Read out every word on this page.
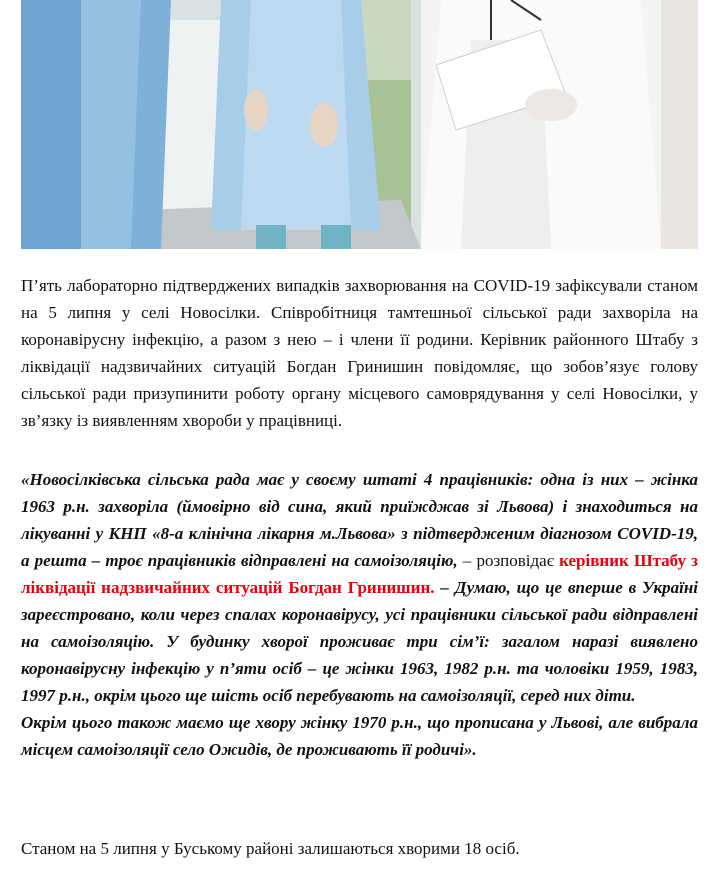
П’ять лабораторно підтверджених випадків захворювання на COVID-19 зафіксували станом на 5 липня у селі Новосілки. Співробітниця тамтешньої сільської ради захворіла на коронавірусну інфекцію, а разом з нею – і члени її родини. Керівник районного Штабу з ліквідації надзвичайних ситуацій Богдан Гринишин повідомляє, що зобов’язує голову сільської ради призупинити роботу органу місцевого самоврядування у селі Новосілки, у зв’язку із виявленням хвороби у працівниці.

«Новосілківська сільська рада має у своєму штаті 4 працівників: одна із них – жінка 1963 р.н. захворіла (ймовірно від сина, який приїжджав зі Львова) і знаходиться на лікуванні у КНП «8-а клінічна лікарня м.Львова» з підтвердженим діагнозом COVID-19, а решта – троє працівників відправлені на самоізоляцію, – розповідає керівник Штабу з ліквідації надзвичайних ситуацій Богдан Гринишин. – Думаю, що це вперше в Україні зареєстровано, коли через спалах коронавірусу, усі працівники сільської ради відправлені на самоізоляцію. У будинку хворої проживає три сім’ї: загалом наразі виявлено коронавірусну інфекцію у п’яти осіб – це жінки 1963, 1982 р.н. та чоловіки 1959, 1983, 1997 р.н., окрім цього ще шість осіб перебувають на самоізоляції, серед них діти.
Окрім цього також маємо ще хвору жінку 1970 р.н., що прописана у Львові, але вибрала місцем самоізоляції село Ожидів, де проживають її родичі».

Станом на 5 липня у Буському районі залишаються хворими 18 осіб.
